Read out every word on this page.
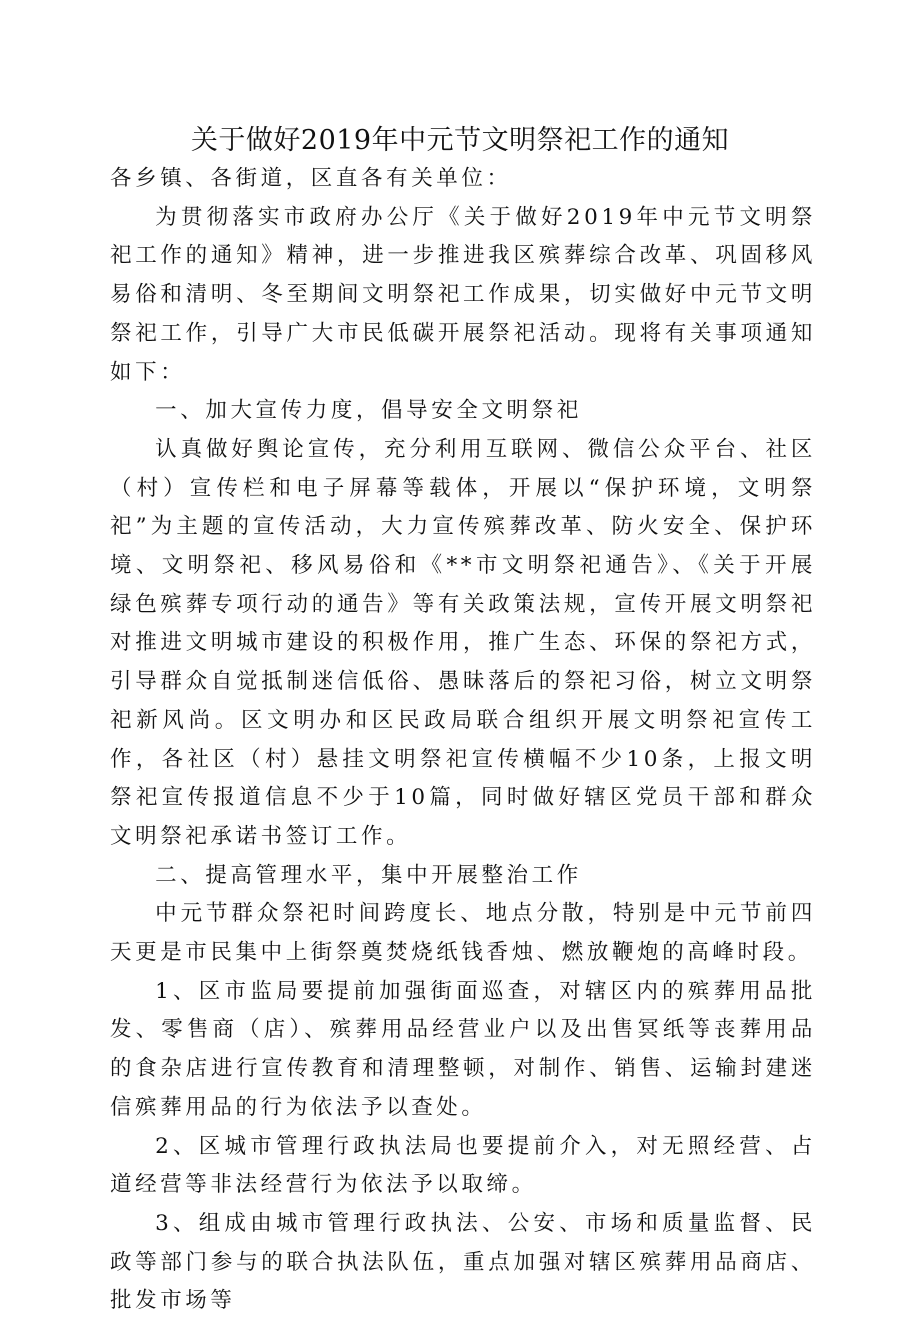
关于做好2019年中元节文明祭祀工作的通知

各乡镇、各街道，区直各有关单位：

为贯彻落实市政府办公厅《关于做好2019年中元节文明祭祀工作的通知》精神，进一步推进我区殡葬综合改革、巩固移风易俗和清明、冬至期间文明祭祀工作成果，切实做好中元节文明祭祀工作，引导广大市民低碳开展祭祀活动。现将有关事项通知如下：

一、加大宣传力度，倡导安全文明祭祀

认真做好舆论宣传，充分利用互联网、微信公众平台、社区（村）宣传栏和电子屏幕等载体，开展以“保护环境，文明祭祀”为主题的宣传活动，大力宣传殡葬改革、防火安全、保护环境、文明祭祀、移风易俗和《**市文明祭祀通告》、《关于开展绿色殡葬专项行动的通告》等有关政策法规，宣传开展文明祭祀对推进文明城市建设的积极作用，推广生态、环保的祭祀方式，引导群众自觉抵制迷信低俗、愚昧落后的祭祀习俗，树立文明祭祀新风尚。区文明办和区民政局联合组织开展文明祭祀宣传工作，各社区（村）悬挂文明祭祀宣传横幅不少10条，上报文明祭祀宣传报道信息不少于10篇，同时做好辖区党员干部和群众文明祭祀承诺书签订工作。

二、提高管理水平，集中开展整治工作

中元节群众祭祀时间跨度长、地点分散，特别是中元节前四天更是市民集中上街祭奠焚烧纸钱香烛、燃放鞭炮的高峰时段。

1、区市监局要提前加强街面巡查，对辖区内的殡葬用品批发、零售商（店）、殡葬用品经营业户以及出售冥纸等丧葬用品的食杂店进行宣传教育和清理整顿，对制作、销售、运输封建迷信殡葬用品的行为依法予以查处。

2、区城市管理行政执法局也要提前介入，对无照经营、占道经营等非法经营行为依法予以取缔。

3、组成由城市管理行政执法、公安、市场和质量监督、民政等部门参与的联合执法队伍，重点加强对辖区殡葬用品商店、批发市场等
